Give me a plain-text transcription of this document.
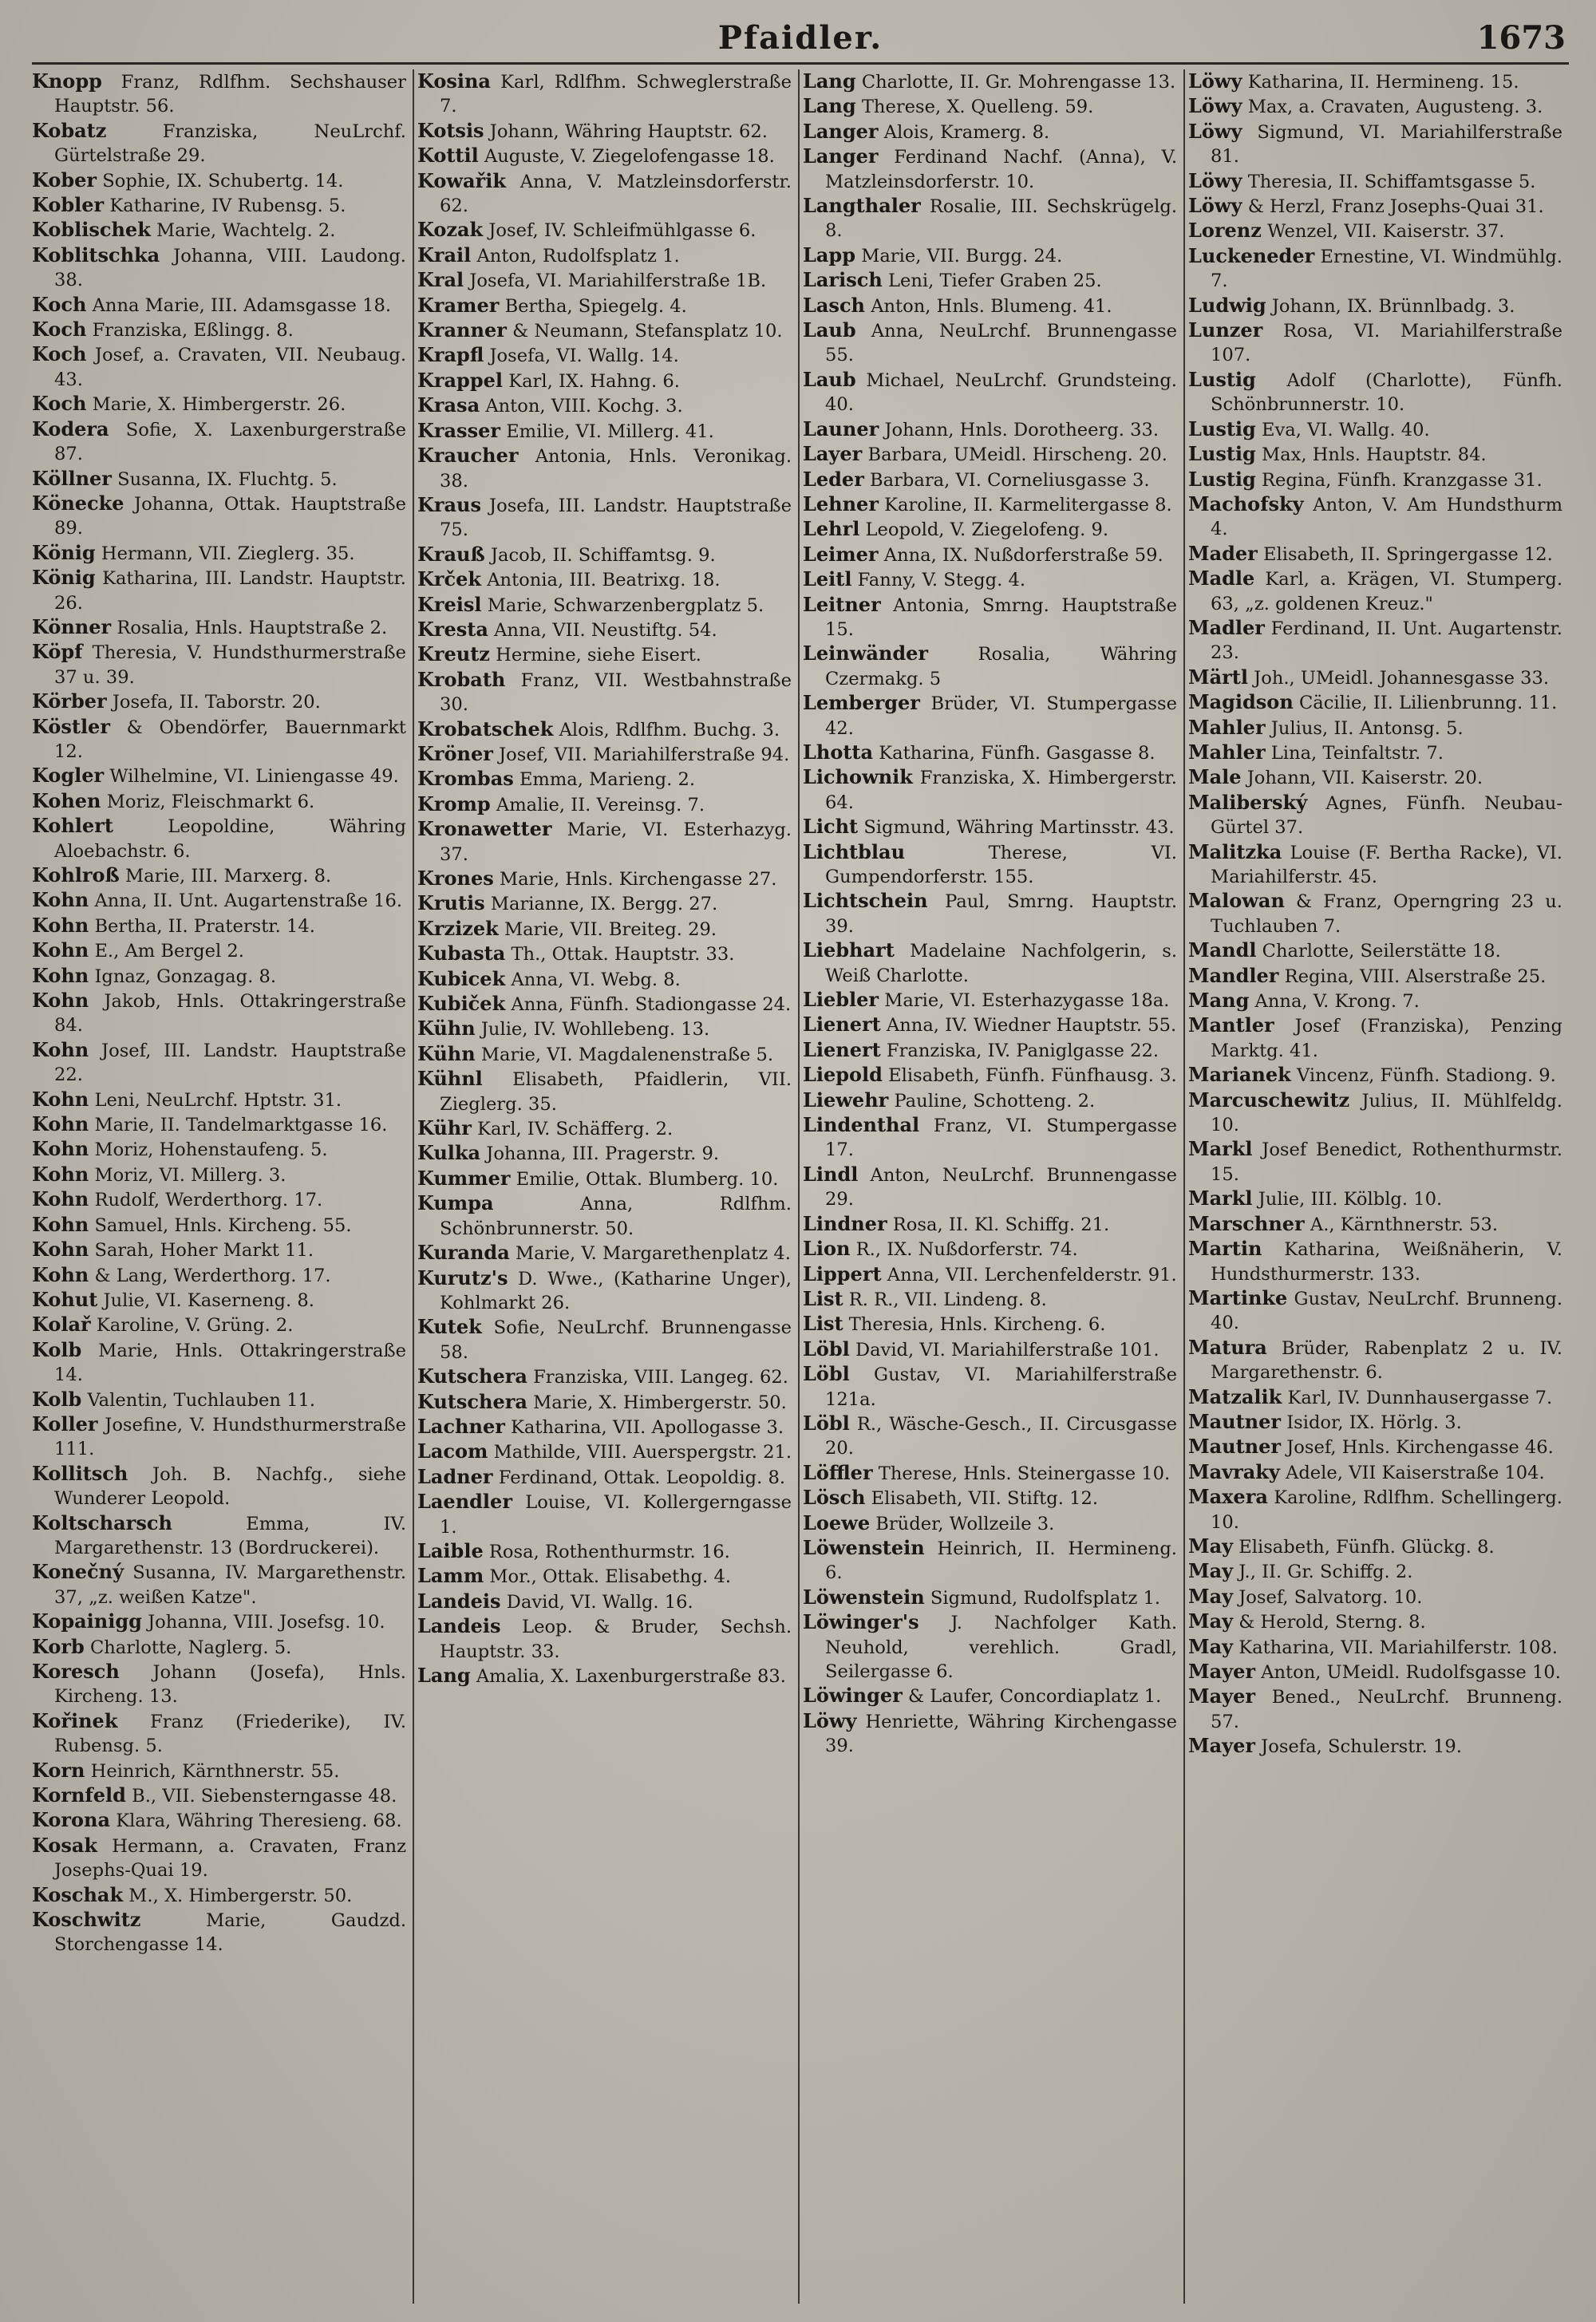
Pfaidler.	1673
Knopp Franz, Rdlfhm. Sechshauser Hauptstr. 56.
Kobatz	Franziska, NeuLrchf. Gürtelstraße 29.
Kober Sophie, IX. Schubertg. 14.
Kobler Katharine, IV Rubensg. 5.
Koblischek Marie, Wachtelg. 2.
Koblitschka Johanna, VIII. Laudong. 38.
Koch Anna Marie, III. Adamsgasse 18.
Koch Franziska, Eßlingg. 8.
Koch Josef, a. Cravaten, VII. Neubaug. 43.
Koch Marie, X. Himbergerstr. 26.
Kodera Sofie, X. Laxenburgerstraße 87.
Köllner Susanna, IX. Fluchtg. 5.
Könecke Johanna, Ottak. Hauptstraße 89.
König Hermann, VII. Zieglerg. 35.
König Katharina, III. Landstr. Hauptstr. 26.
Könner Rosalia, Hnls. Hauptstraße 2.
Köpf Theresia, V. Hundsthurmerstraße 37 u. 39.
Körber Josefa, II. Taborstr. 20.
Köstler & Obendörfer, Bauernmarkt 12.
Kogler Wilhelmine, VI. Liniengasse 49.
Kohen Moriz, Fleischmarkt 6.
Kohlert	Leopoldine, Währing Aloebachstr. 6.
Kohlroß Marie, III. Marxerg. 8.
Kohn Anna, II. Unt. Augartenstraße 16.
Kohn Bertha, II. Praterstr. 14.
Kohn E., Am Bergel 2.
Kohn Ignaz, Gonzagag. 8.
Kohn Jakob, Hnls. Ottakringerstraße 84.
Kohn Josef, III. Landstr. Hauptstraße 22.
Kohn Leni, NeuLrchf. Hptstr. 31.
Kohn Marie, II. Tandelmarktgasse 16.
Kohn Moriz, Hohenstaufeng. 5.
Kohn Moriz, VI. Millerg. 3.
Kohn Rudolf, Werderthorg. 17.
Kohn Samuel, Hnls. Kircheng. 55.
Kohn Sarah, Hoher Markt 11.
Kohn & Lang, Werderthorg. 17.
Kohut Julie, VI. Kaserneng. 8.
Kolař Karoline, V. Grüng. 2.
Kolb Marie, Hnls. Ottakringerstraße 14.
Kolb Valentin, Tuchlauben 11.
Koller Josefine, V. Hundsthurmerstraße 111.
Kollitsch Joh. B. Nachfg., siehe Wunderer Leopold.
Koltscharsch	Emma, IV. Margarethenstr. 13 (Bordruckerei).
Konečný Susanna, IV. Margarethenstr. 37, „z. weißen Katze".
Kopainigg Johanna, VIII. Josefsg. 10.
Korb Charlotte, Naglerg. 5.
Koresch Johann (Josefa), Hnls. Kircheng. 13.
Kořinek Franz (Friederike), IV. Rubensg. 5.
Korn Heinrich, Kärnthnerstr. 55.
Kornfeld B., VII. Siebensterngasse 48.
Korona Klara, Währing Theresieng. 68.
Kosak Hermann, a. Cravaten, Franz Josephs-Quai 19.
Koschak M., X. Himbergerstr. 50.
Koschwitz	Marie, Gaudzd. Storchengasse 14.
Kosina Karl, Rdlfhm. Schweglerstraße 7.
Kotsis Johann, Währing Hauptstr. 62.
Kottil Auguste, V. Ziegelofengasse 18.
Kowařik Anna, V. Matzleinsdorferstr. 62.
Kozak Josef, IV. Schleifmühlgasse 6.
Krail Anton, Rudolfsplatz 1.
Kral Josefa, VI. Mariahilferstraße 1B.
Kramer Bertha, Spiegelg. 4.
Kranner & Neumann, Stefansplatz 10.
Krapfl Josefa, VI. Wallg. 14.
Krappel Karl, IX. Hahng. 6.
Krasa Anton, VIII. Kochg. 3.
Krasser Emilie, VI. Millerg. 41.
Kraucher Antonia, Hnls. Veronikag. 38.
Kraus Josefa, III. Landstr. Hauptstraße 75.
Krauß Jacob, II. Schiffamtsg. 9.
Krček Antonia, III. Beatrixg. 18.
Kreisl Marie, Schwarzenbergplatz 5.
Kresta Anna, VII. Neustiftg. 54.
Kreutz Hermine, siehe Eisert.
Krobath Franz, VII. Westbahnstraße 30.
Krobatschek Alois, Rdlfhm. Buchg. 3.
Kröner Josef, VII. Mariahilferstraße 94.
Krombas Emma, Marieng. 2.
Kromp Amalie, II. Vereinsg. 7.
Kronawetter Marie, VI. Esterhazyg. 37.
Krones Marie, Hnls. Kirchengasse 27.
Krutis Marianne, IX. Bergg. 27.
Krzizek Marie, VII. Breiteg. 29.
Kubasta Th., Ottak. Hauptstr. 33.
Kubicek Anna, VI. Webg. 8.
Kubiček Anna, Fünfh. Stadiongasse 24.
Kühn Julie, IV. Wohllebeng. 13.
Kühn Marie, VI. Magdalenenstraße 5.
Kühnl Elisabeth, Pfaidlerin, VII. Zieglerg. 35.
Kühr Karl, IV. Schäfferg. 2.
Kulka Johanna, III. Pragerstr. 9.
Kummer Emilie, Ottak. Blumberg. 10.
Kumpa	Anna, Rdlfhm. Schönbrunnerstr. 50.
Kuranda Marie, V. Margarethenplatz 4.
Kurutz's D. Wwe., (Katharine Unger), Kohlmarkt 26.
Kutek Sofie, NeuLrchf. Brunnengasse 58.
Kutschera Franziska, VIII. Langeg. 62.
Kutschera Marie, X. Himbergerstr. 50.
Lachner Katharina, VII. Apollogasse 3.
Lacom Mathilde, VIII. Auerspergstr. 21.
Ladner Ferdinand, Ottak. Leopoldig. 8.
Laendler Louise, VI. Kollergerngasse 1.
Laible Rosa, Rothenthurmstr. 16.
Lamm Mor., Ottak. Elisabethg. 4.
Landeis David, VI. Wallg. 16.
Landeis Leop. & Bruder, Sechsh. Hauptstr. 33.
Lang Amalia, X. Laxenburgerstraße 83.
Lang Charlotte, II. Gr. Mohrengasse 13.
Lang Therese, X. Quelleng. 59.
Langer Alois, Kramerg. 8.
Langer Ferdinand Nachf. (Anna), V. Matzleinsdorferstr. 10.
Langthaler Rosalie, III. Sechskrügelg. 8.
Lapp Marie, VII. Burgg. 24.
Larisch Leni, Tiefer Graben 25.
Lasch Anton, Hnls. Blumeng. 41.
Laub Anna, NeuLrchf. Brunnengasse 55.
Laub Michael, NeuLrchf. Grundsteing. 40.
Launer Johann, Hnls. Dorotheerg. 33.
Layer Barbara, UMeidl. Hirscheng. 20.
Leder Barbara, VI. Corneliusgasse 3.
Lehner Karoline, II. Karmelitergasse 8.
Lehrl Leopold, V. Ziegelofeng. 9.
Leimer Anna, IX. Nußdorferstraße 59.
Leitl Fanny, V. Stegg. 4.
Leitner Antonia, Smrng. Hauptstraße 15.
Leinwänder	Rosalia, Währing Czermakg. 5
Lemberger Brüder, VI. Stumpergasse 42.
Lhotta Katharina, Fünfh. Gasgasse 8.
Lichownik Franziska, X. Himbergerstr. 64.
Licht Sigmund, Währing Martinsstr. 43.
Lichtblau	Therese, VI. Gumpendorferstr. 155.
Lichtschein Paul, Smrng. Hauptstr. 39.
Liebhart Madelaine Nachfolgerin, s. Weiß Charlotte.
Liebler Marie, VI. Esterhazygasse 18a.
Lienert Anna, IV. Wiedner Hauptstr. 55.
Lienert Franziska, IV. Paniglgasse 22.
Liepold Elisabeth, Fünfh. Fünfhausg. 3.
Liewehr Pauline, Schotteng. 2.
Lindenthal Franz, VI. Stumpergasse 17.
Lindl Anton, NeuLrchf. Brunnengasse 29.
Lindner Rosa, II. Kl. Schiffg. 21.
Lion R., IX. Nußdorferstr. 74.
Lippert Anna, VII. Lerchenfelderstr. 91.
List R. R., VII. Lindeng. 8.
List Theresia, Hnls. Kircheng. 6.
Löbl David, VI. Mariahilferstraße 101.
Löbl Gustav, VI. Mariahilferstraße 121a.
Löbl R., Wäsche-Gesch., II. Circusgasse 20.
Löffler Therese, Hnls. Steinergasse 10.
Lösch Elisabeth, VII. Stiftg. 12.
Loewe Brüder, Wollzeile 3.
Löwenstein Heinrich, II. Hermineng. 6.
Löwenstein Sigmund, Rudolfsplatz 1.
Löwinger's J. Nachfolger Kath. Neuhold, verehlich. Gradl, Seilergasse 6.
Löwinger & Laufer, Concordiaplatz 1.
Löwy Henriette, Währing Kirchengasse 39.
Löwy Katharina, II. Hermineng. 15.
Löwy Max, a. Cravaten, Augusteng. 3.
Löwy Sigmund, VI. Mariahilferstraße 81.
Löwy Theresia, II. Schiffamtsgasse 5.
Löwy & Herzl, Franz Josephs-Quai 31.
Lorenz Wenzel, VII. Kaiserstr. 37.
Luckeneder Ernestine, VI. Windmühlg. 7.
Ludwig Johann, IX. Brünnlbadg. 3.
Lunzer Rosa, VI. Mariahilferstraße 107.
Lustig Adolf (Charlotte), Fünfh. Schönbrunnerstr. 10.
Lustig Eva, VI. Wallg. 40.
Lustig Max, Hnls. Hauptstr. 84.
Lustig Regina, Fünfh. Kranzgasse 31.
Machofsky Anton, V. Am Hundsthurm 4.
Mader Elisabeth, II. Springergasse 12.
Madle Karl, a. Krägen, VI. Stumperg. 63, „z. goldenen Kreuz."
Madler Ferdinand, II. Unt. Augartenstr. 23.
Märtl Joh., UMeidl. Johannesgasse 33.
Magidson Cäcilie, II. Lilienbrunng. 11.
Mahler Julius, II. Antonsg. 5.
Mahler Lina, Teinfaltstr. 7.
Male Johann, VII. Kaiserstr. 20.
Maliberský Agnes, Fünfh. Neubau-Gürtel 37.
Malitzka Louise (F. Bertha Racke), VI. Mariahilferstr. 45.
Malowan & Franz, Operngring 23 u. Tuchlauben 7.
Mandl Charlotte, Seilerstätte 18.
Mandler Regina, VIII. Alserstraße 25.
Mang Anna, V. Krong. 7.
Mantler Josef (Franziska), Penzing Marktg. 41.
Marianek Vincenz, Fünfh. Stadiong. 9.
Marcuschewitz Julius, II. Mühlfeldg. 10.
Markl Josef Benedict, Rothenthurmstr. 15.
Markl Julie, III. Kölblg. 10.
Marschner A., Kärnthnerstr. 53.
Martin Katharina, Weißnäherin, V. Hundsthurmerstr. 133.
Martinke Gustav, NeuLrchf. Brunneng. 40.
Matura Brüder, Rabenplatz 2 u. IV. Margarethenstr. 6.
Matzalik Karl, IV. Dunnhausergasse 7.
Mautner Isidor, IX. Hörlg. 3.
Mautner Josef, Hnls. Kirchengasse 46.
Mavraky Adele, VII Kaiserstraße 104.
Maxera Karoline, Rdlfhm. Schellingerg. 10.
May Elisabeth, Fünfh. Glückg. 8.
May J., II. Gr. Schiffg. 2.
May Josef, Salvatorg. 10.
May & Herold, Sterng. 8.
May Katharina, VII. Mariahilferstr. 108.
Mayer Anton, UMeidl. Rudolfsgasse 10.
Mayer Bened., NeuLrchf. Brunneng. 57.
Mayer Josefa, Schulerstr. 19.
